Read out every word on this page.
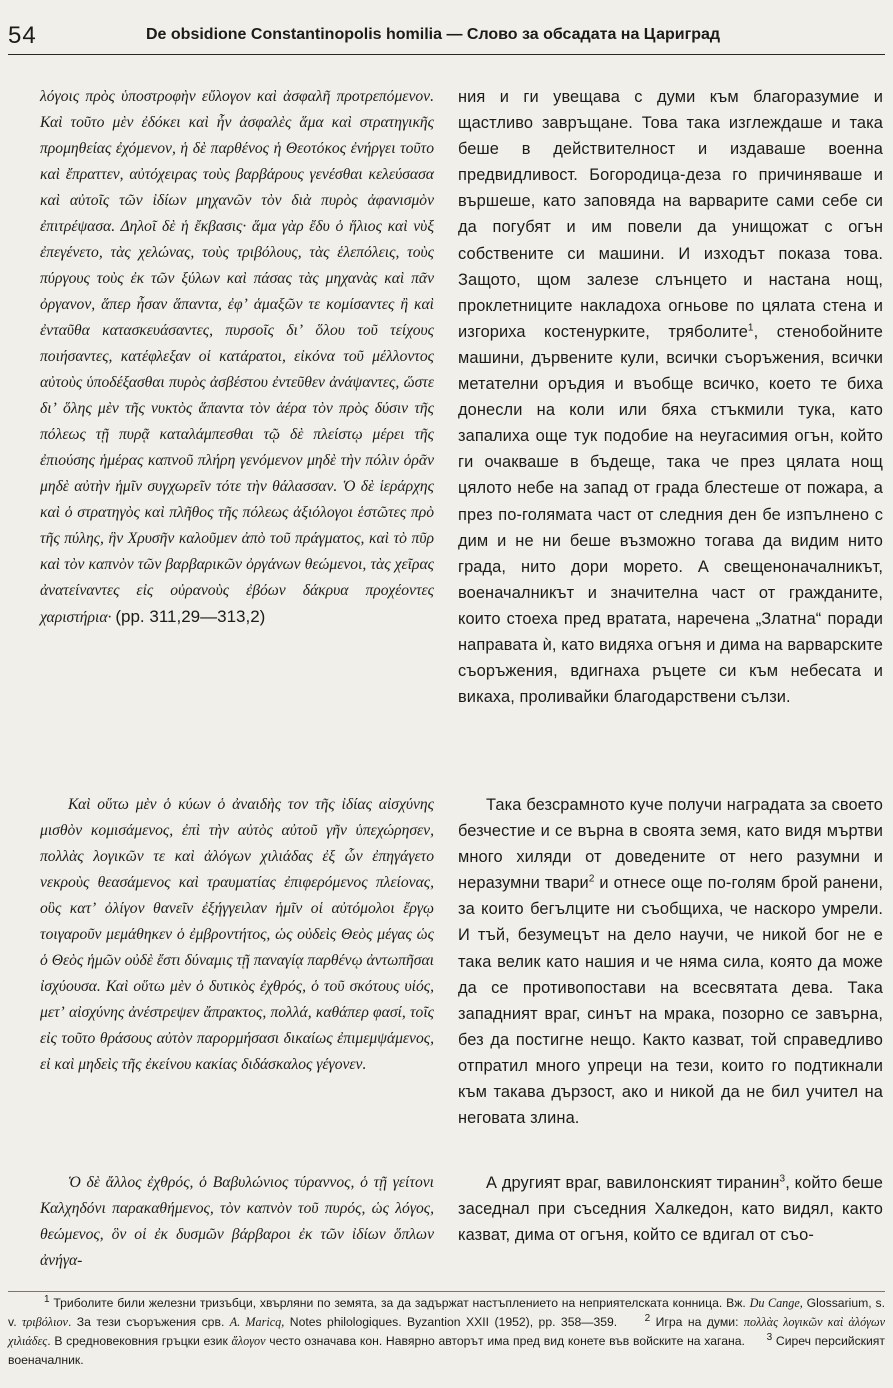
54	De obsidione Constantinopolis homilia — Слово за обсадата на Цариград
λόγοις πρὸς ὑποστροφὴν εὔλογον καὶ ἀσφαλῆ προτρεπόμενον. Καὶ τοῦτο μὲν ἐδόκει καὶ ἦν ἀσφαλὲς ἅμα καὶ στρατηγικῆς προμηθείας ἐχόμενον, ἡ δὲ παρθένος ἡ Θεοτόκος ἐνήργει τοῦτο καὶ ἔπραττεν, αὐτόχειρας τοὺς βαρβάρους γενέσθαι κελεύσασα καὶ αὐτοῖς τῶν ἰδίων μηχανῶν τὸν διὰ πυρὸς ἀφανισμὸν ἐπιτρέψασα. Δηλοῖ δὲ ἡ ἔκβασις· ἅμα γὰρ ἔδυ ὁ ἥλιος καὶ νὺξ ἐπεγένετο, τὰς χελώνας, τοὺς τριβόλους, τὰς ἑλεπόλεις, τοὺς πύργους τοὺς ἐκ τῶν ξύλων καὶ πάσας τὰς μηχανὰς καὶ πᾶν ὀργανον, ἅπερ ἦσαν ἅπαντα, ἐφʼ ἁμαξῶν τε κομίσαντες ἢ καὶ ἐνταῦθα κατασκευάσαντες, πυρσοῖς διʼ ὅλου τοῦ τείχους ποιήσαντες, κατέφλεξαν οἱ κατάρατοι, εἰκόνα τοῦ μέλλοντος αὐτοὺς ὑποδέξασθαι πυρὸς ἀσβέστου ἐντεῦθεν ἀνάψαντες, ὥστε διʼ ὅλης μὲν τῆς νυκτὸς ἅπαντα τὸν ἀέρα τὸν πρὸς δύσιν τῆς πόλεως τῇ πυρᾷ καταλάμπεσθαι τῷ δὲ πλείστῳ μέρει τῆς ἐπιούσης ἡμέρας καπνοῦ πλήρη γενόμενον μηδὲ τὴν πόλιν ὁρᾶν μηδὲ αὐτὴν ἡμῖν συγχωρεῖν τότε τὴν θάλασσαν. Ὁ δὲ ἱεράρχης καὶ ὁ στρατηγὸς καὶ πλῆθος τῆς πόλεως ἀξιόλογοι ἑστῶτες πρὸ τῆς πύλης, ἣν Χρυσῆν καλοῦμεν ἀπὸ τοῦ πράγματος, καὶ τὸ πῦρ καὶ τὸν καπνὸν τῶν βαρβαρικῶν ὀργάνων θεώμενοι, τὰς χεῖρας ἀνατείναντες εἰς οὐρανοὺς ἐβόων δάκρυα προχέοντες χαριστήρια· (pp. 311,29—313,2)
ния и ги увещава с думи към благоразумие и щастливо завръщане. Това така изглеждаше и така беше в действителност и издаваше военна предвидливост. Богородица-деза го причиняваше и вършеше, като заповяда на варварите сами себе си да погубят и им повели да унищожат с огън собствените си машини. И изходът показа това. Защото, щом залезе слънцето и настана нощ, проклетниците накладоха огньове по цялата стена и изгориха костенурките, тряболите$^1$, стенобойните машини, дървените кули, всички съоръжения, всички метателни оръдия и въобще всичко, което те биха донесли на коли или бяха стъкмили тука, като запалиха още тук подобие на неугасимия огън, който ги очакваше в бъдеще, така че през цялата нощ цялото небе на запад от града блестеше от пожара, а през по-голямата част от следния ден бе изпълнено с дим и не ни беше възможно тогава да видим нито града, нито дори морето. А свещеноначалникът, военачалникът и значителна част от гражданите, които стоеха пред вратата, наречена „Златна“ поради направата ѝ, като видяха огъня и дима на варварските съоръжения, вдигнаха ръцете си към небесата и викаха, проливайки благодарствени сълзи.
Καὶ οὕτω μὲν ὁ κύων ὁ ἀναιδὴς τον τῆς ἰδίας αἰσχύνης μισθὸν κομισάμενος, ἐπὶ τὴν αὐτὸς αὐτοῦ γῆν ὑπεχώρησεν, πολλὰς λογικῶν τε καὶ ἀλόγων χιλιάδας ἐξ ὧν ἐπηγάγετο νεκροὺς θεασάμενος καὶ τραυματίας ἐπιφερόμενος πλείονας, οὓς κατʼ ὀλίγον θανεῖν ἐξήγγειλαν ἡμῖν οἱ αὐτόμολοι ἔργῳ τοιγαροῦν μεμάθηκεν ὁ ἐμβροντήτος, ὡς οὐδεὶς Θεὸς μέγας ὡς ὁ Θεὸς ἡμῶν οὐδὲ ἔστι δύναμις τῇ παναγίᾳ παρθένῳ ἀντωπῆσαι ἰσχύουσα. Καὶ οὕτω μὲν ὁ δυτικὸς ἐχθρός, ὁ τοῦ σκότους υἱός, μετʼ αἰσχύνης ἀνέστρεψεν ἄπρακτος, πολλά, καθάπερ φασί, τοῖς εἰς τοῦτο θράσους αὐτὸν παρορμήσασι δικαίως ἐπιμεμψάμενος, εἰ καὶ μηδεὶς τῆς ἐκείνου κακίας διδάσκαλος γέγονεν.
Така безсрамното куче получи наградата за своето безчестие и се върна в своята земя, като видя мъртви много хиляди от доведените от него разумни и неразумни твари$^2$ и отнесе още по-голям брой ранени, за които бегълците ни съобщиха, че наскоро умрели. И тъй, безумецът на дело научи, че никой бог не е така велик като нашия и че няма сила, която да може да се противопостави на всесвятата дева. Така западният враг, синът на мрака, позорно се завърна, без да постигне нещо. Както казват, той справедливо отпратил много упреци на тези, които го подтикнали към такава дързост, ако и никой да не бил учител на неговата злина.
Ὁ δὲ ἄλλος ἐχθρός, ὁ Βαβυλώνιος τύραννος, ὁ τῇ γείτονι Καλχηδόνι παρακαθήμενος, τὸν καπνὸν τοῦ πυρός, ὡς λόγος, θεώμενος, ὃν οἱ ἐκ δυσμῶν βάρβαροι ἐκ τῶν ἰδίων ὅπλων ἀνήγα-
А другият враг, вавилонският тиранин$^3$, който беше заседнал при съседния Халкедон, като видял, както казват, дима от огъня, който се вдигал от съо-
$^1$ Триболите били железни тризъбци, хвърляни по земята, за да задържат настъплението на неприятелската конница. Вж. Du Cange, Glossarium, s. v. τριβόλιον. За тези съоръжения срв. A. Maricq, Notes philologiques. Byzantion XXII (1952), pp. 358—359.	$^2$ Игра на думи: πολλὰς λογικῶν καὶ ἀλόγων χιλιάδες. В средновековния гръцки език ἄλογον често означава кон. Навярно авторът има пред вид конете във войските на хагана. $^3$ Сиреч персийският военачалник.
